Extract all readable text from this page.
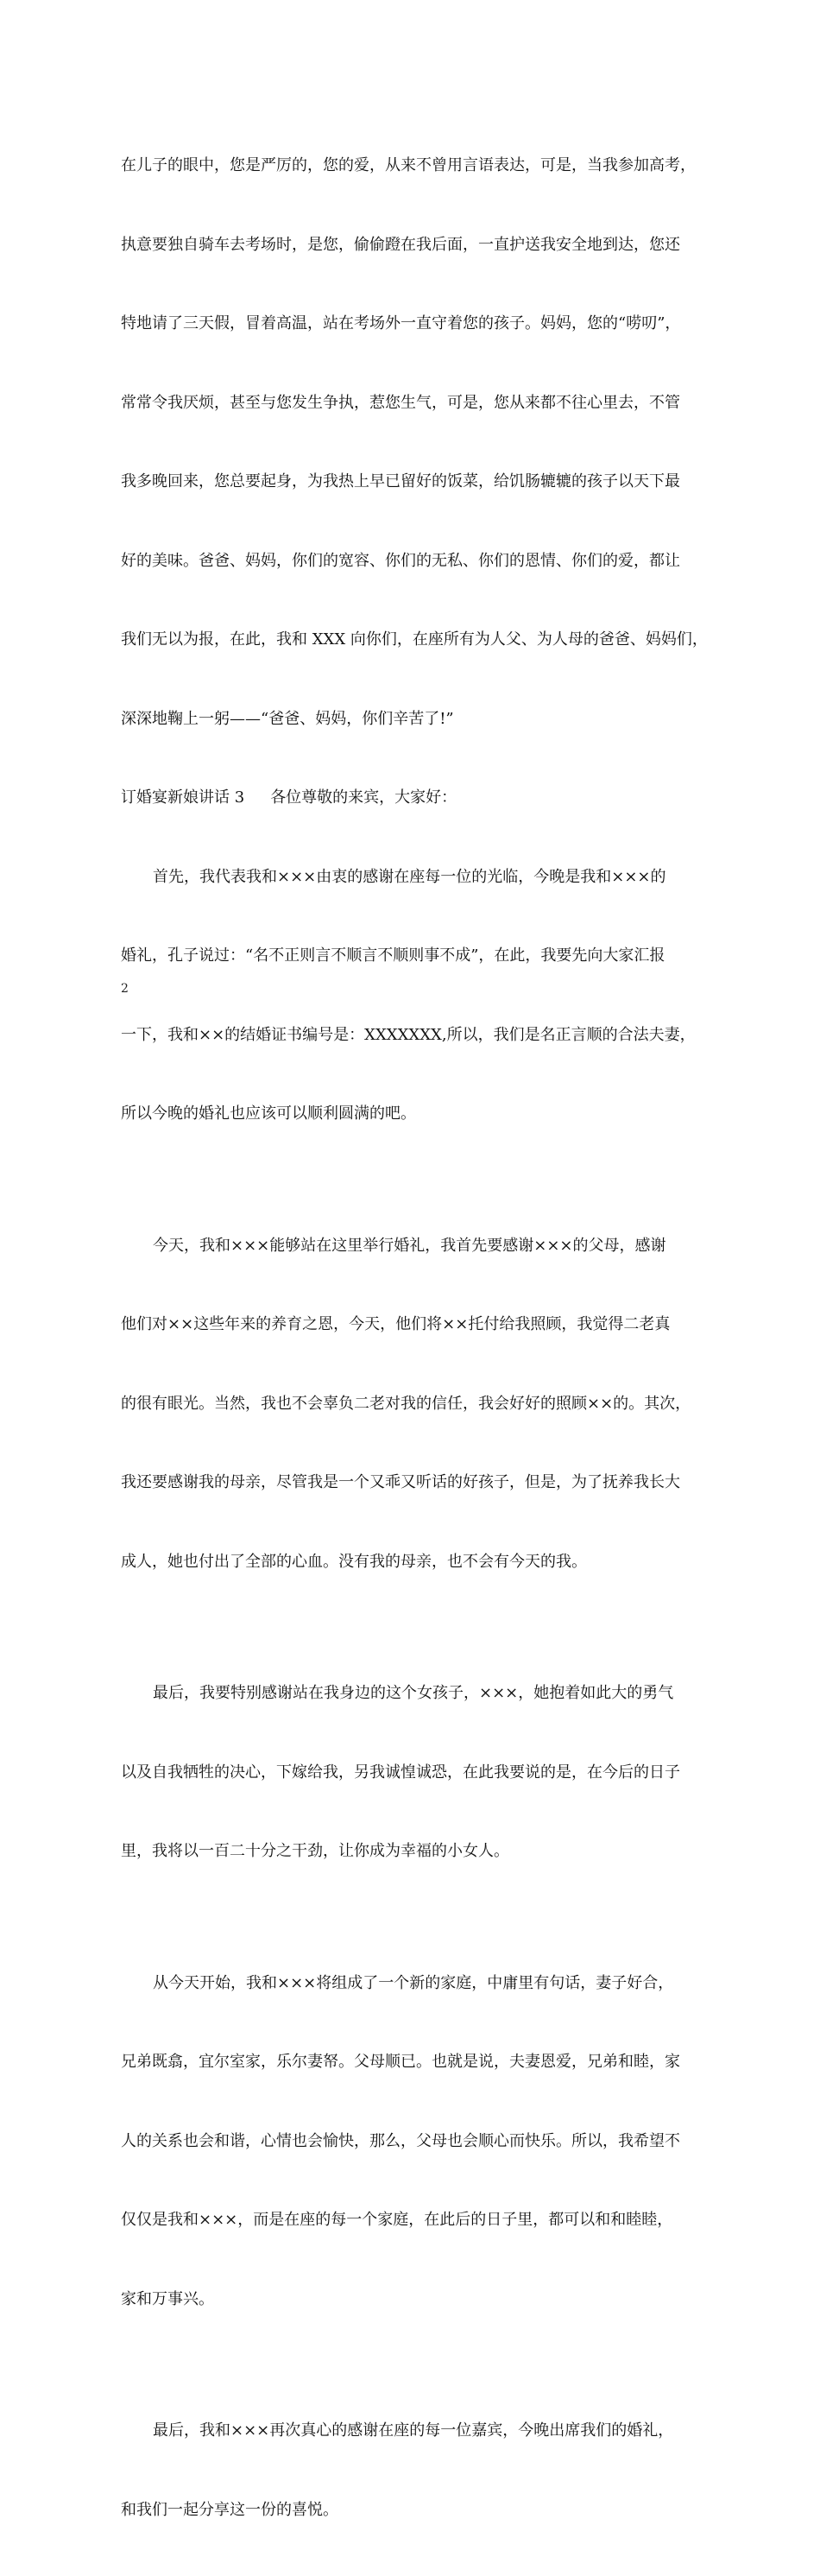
在儿子的眼中，您是严厉的，您的爱，从来不曾用言语表达，可是，当我参加高考，

执意要独自骑车去考场时，是您，偷偷蹬在我后面，一直护送我安全地到达，您还

特地请了三天假，冒着高温，站在考场外一直守着您的孩子。妈妈，您的“唠叨”，

常常令我厌烦，甚至与您发生争执，惹您生气，可是，您从来都不往心里去，不管

我多晚回来，您总要起身，为我热上早已留好的饭菜，给饥肠辘辘的孩子以天下最

好的美味。爸爸、妈妈，你们的宽容、你们的无私、你们的恩情、你们的爱，都让

我们无以为报，在此，我和 XXX 向你们，在座所有为人父、为人母的爸爸、妈妈们，

深深地鞠上一躬——“爸爸、妈妈，你们辛苦了!”

订婚宴新娘讲话 3 各位尊敬的来宾，大家好：

首先，我代表我和×××由衷的感谢在座每一位的光临，今晚是我和×××的

婚礼，孔子说过：“名不正则言不顺言不顺则事不成”，在此，我要先向大家汇报

一下，我和××的结婚证书编号是：XXXXXXX,所以，我们是名正言顺的合法夫妻，

所以今晚的婚礼也应该可以顺利圆满的吧。

今天，我和×××能够站在这里举行婚礼，我首先要感谢×××的父母，感谢

他们对××这些年来的养育之恩，今天，他们将××托付给我照顾，我觉得二老真

的很有眼光。当然，我也不会辜负二老对我的信任，我会好好的照顾××的。其次，

我还要感谢我的母亲，尽管我是一个又乖又听话的好孩子，但是，为了抚养我长大

成人，她也付出了全部的心血。没有我的母亲，也不会有今天的我。

最后，我要特别感谢站在我身边的这个女孩子，×××，她抱着如此大的勇气

以及自我牺牲的决心，下嫁给我，另我诚惶诚恐，在此我要说的是，在今后的日子

里，我将以一百二十分之干劲，让你成为幸福的小女人。

从今天开始，我和×××将组成了一个新的家庭，中庸里有句话，妻子好合，

兄弟既翕，宜尔室家，乐尔妻帑。父母顺已。也就是说，夫妻恩爱，兄弟和睦，家

人的关系也会和谐，心情也会愉快，那么，父母也会顺心而快乐。所以，我希望不

仅仅是我和×××，而是在座的每一个家庭，在此后的日子里，都可以和和睦睦，

家和万事兴。

最后，我和×××再次真心的感谢在座的每一位嘉宾，今晚出席我们的婚礼，

和我们一起分享这一份的喜悦。

2
